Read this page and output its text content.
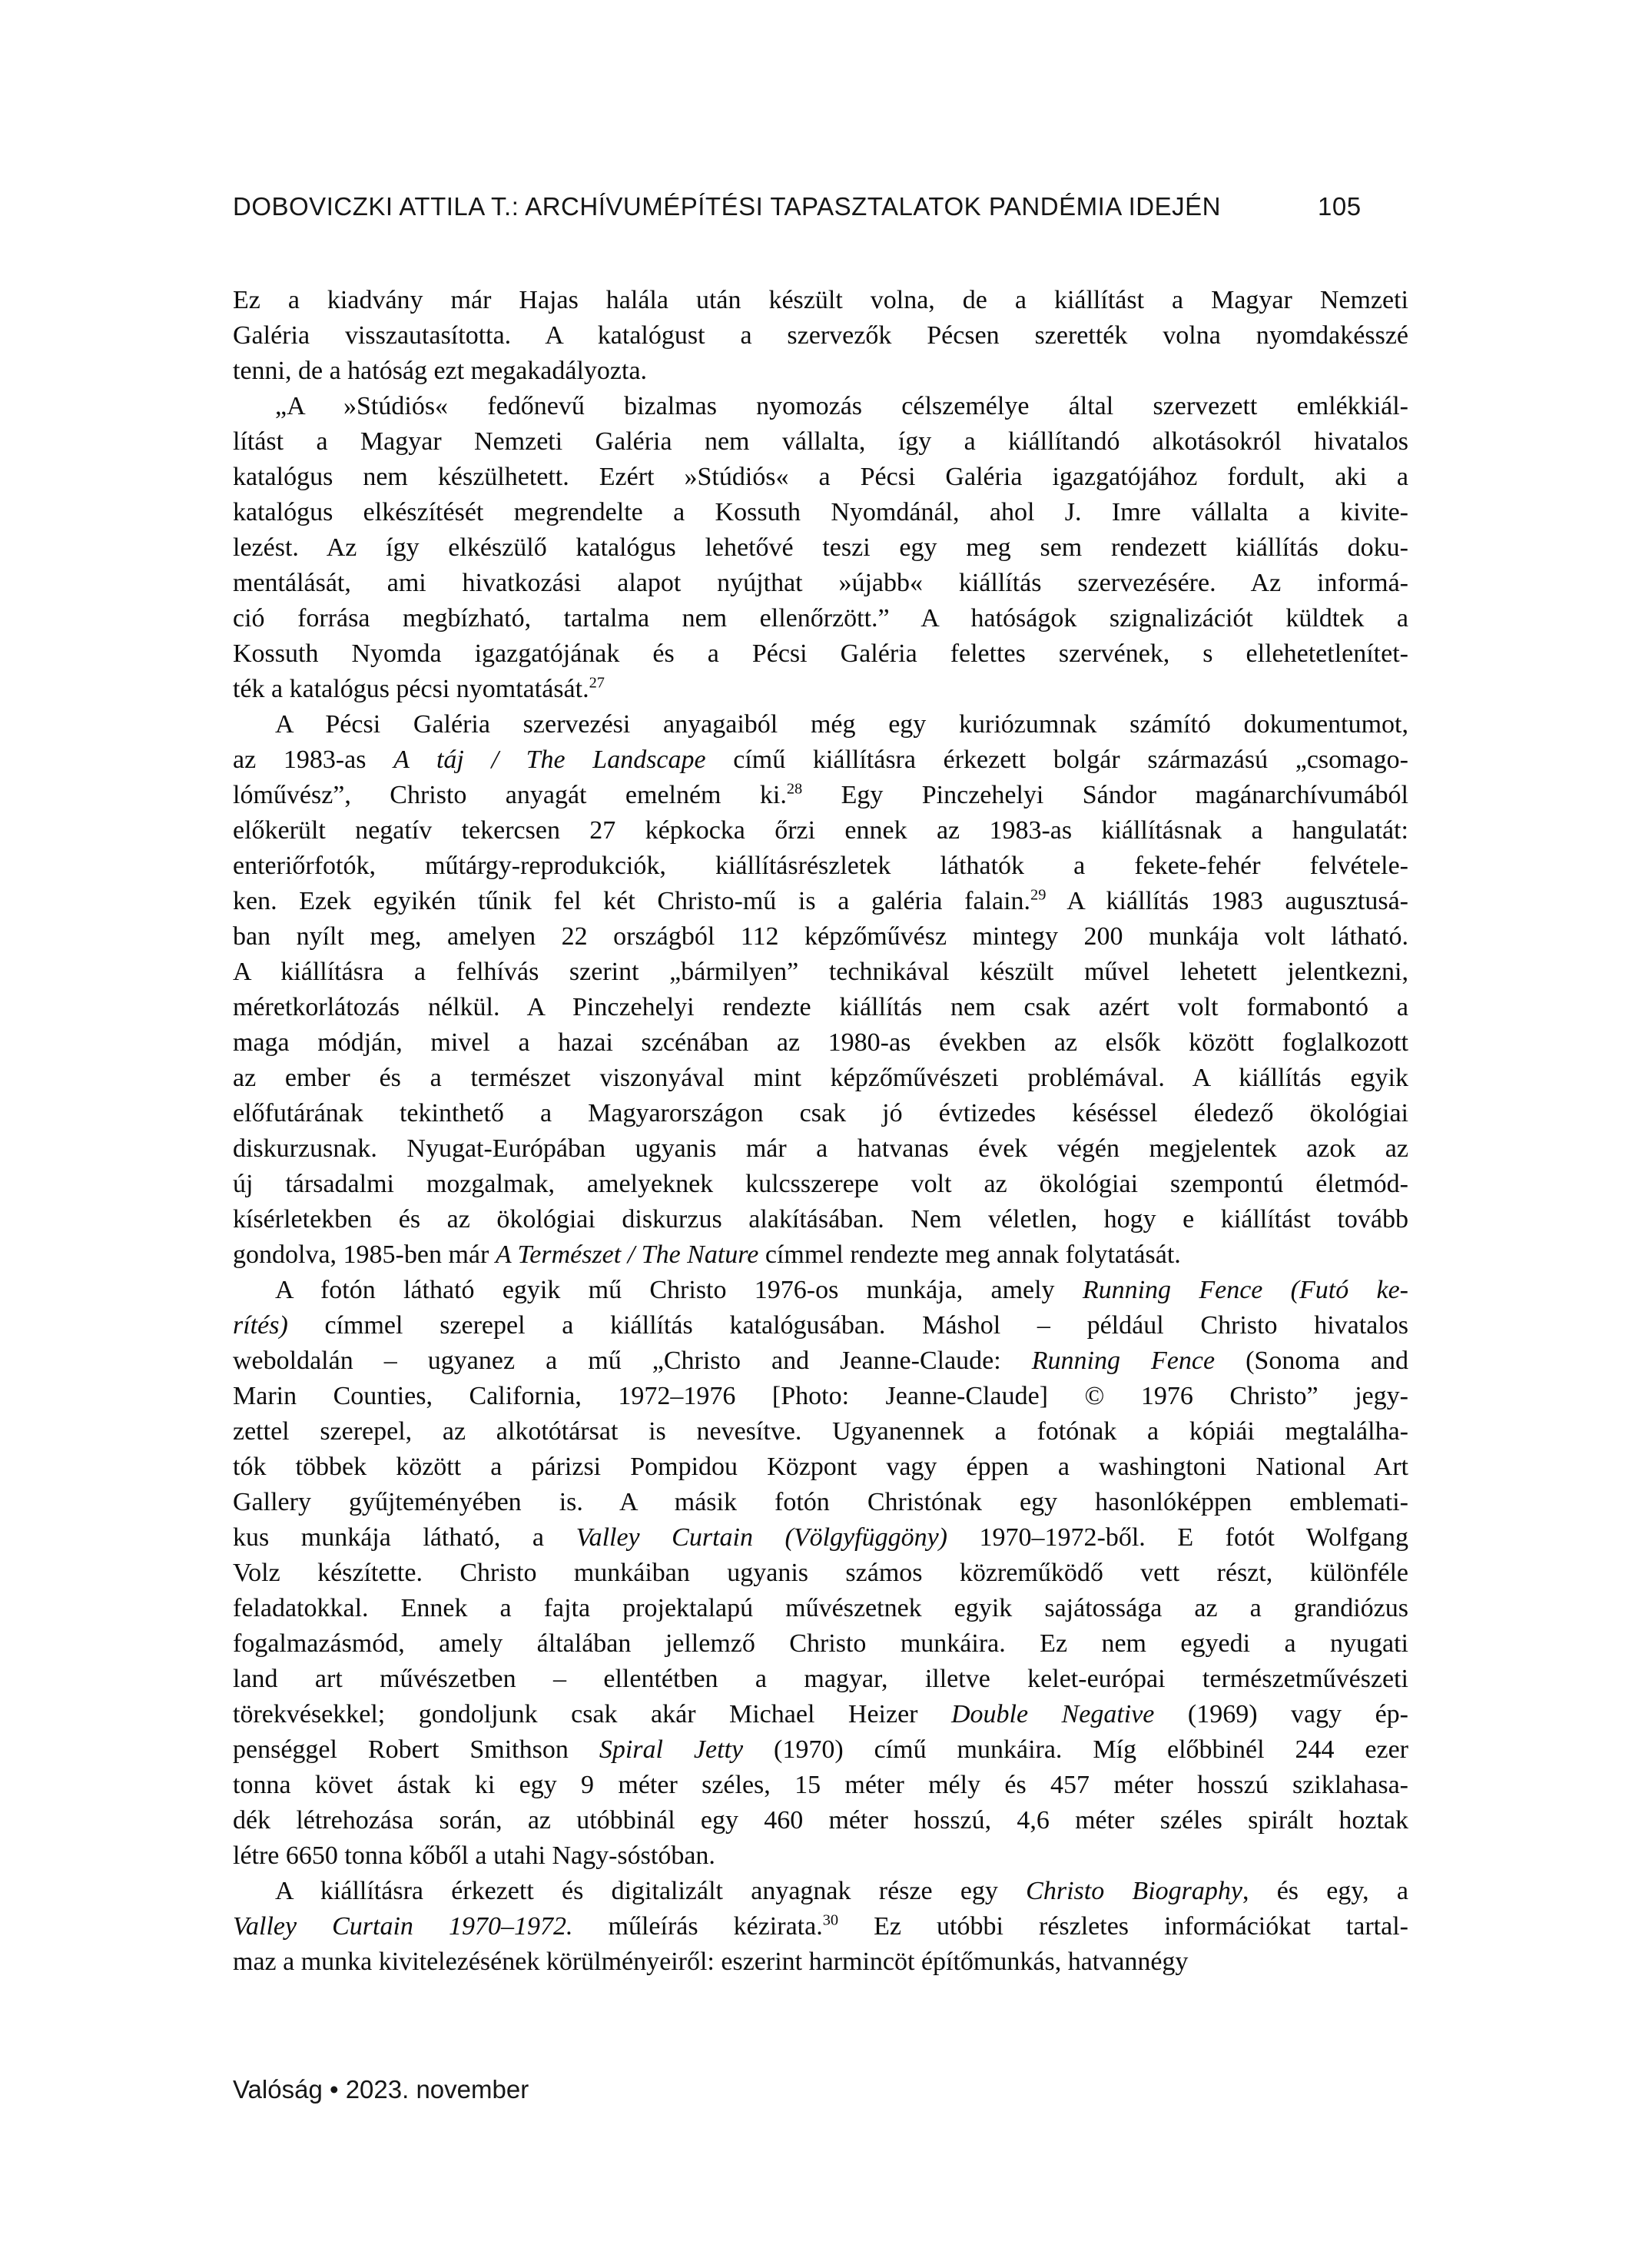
DOBOVICZKI ATTILA T.: ARCHÍVUMÉPÍTÉSI TAPASZTALATOK PANDÉMIA IDEJÉN	105
Ez a kiadvány már Hajas halála után készült volna, de a kiállítást a Magyar Nemzeti
Galéria visszautasította. A katalógust a szervezők Pécsen szerették volna nyomdakésszé
tenni, de a hatóság ezt megakadályozta.
„A »Stúdiós« fedőnevű bizalmas nyomozás célszemélye által szervezett emlékkiál-
lítást a Magyar Nemzeti Galéria nem vállalta, így a kiállítandó alkotásokról hivatalos
katalógus nem készülhetett. Ezért »Stúdiós« a Pécsi Galéria igazgatójához fordult, aki a
katalógus elkészítését megrendelte a Kossuth Nyomdánál, ahol J. Imre vállalta a kivite-
lezést. Az így elkészülő katalógus lehetővé teszi egy meg sem rendezett kiállítás doku-
mentálását, ami hivatkozási alapot nyújthat »újabb« kiállítás szervezésére. Az informá-
ció forrása megbízható, tartalma nem ellenőrzött.” A hatóságok szignalizációt küldtek a
Kossuth Nyomda igazgatójának és a Pécsi Galéria felettes szervének, s ellehetetlenítet-
ték a katalógus pécsi nyomtatását.$^{27}$
A Pécsi Galéria szervezési anyagaiból még egy kuriózumnak számító dokumentumot,
az 1983-as A táj / The Landscape című kiállításra érkezett bolgár származású „csomago-
lóművész”, Christo anyagát emelném ki.$^{28}$ Egy Pinczehelyi Sándor magánarchívumából
előkerült negatív tekercsen 27 képkocka őrzi ennek az 1983-as kiállításnak a hangulatát:
enteriőrfotók, műtárgy-reprodukciók, kiállításrészletek láthatók a fekete-fehér felvétele-
ken. Ezek egyikén tűnik fel két Christo-mű is a galéria falain.$^{29}$ A kiállítás 1983 augusztusá-
ban nyílt meg, amelyen 22 országból 112 képzőművész mintegy 200 munkája volt látható.
A kiállításra a felhívás szerint „bármilyen” technikával készült művel lehetett jelentkezni,
méretkorlátozás nélkül. A Pinczehelyi rendezte kiállítás nem csak azért volt formabontó a
maga módján, mivel a hazai szcénában az 1980-as években az elsők között foglalkozott
az ember és a természet viszonyával mint képzőművészeti problémával. A kiállítás egyik
előfutárának tekinthető a Magyarországon csak jó évtizedes késéssel éledező ökológiai
diskurzusnak. Nyugat-Európában ugyanis már a hatvanas évek végén megjelentek azok az
új társadalmi mozgalmak, amelyeknek kulcsszerepe volt az ökológiai szempontú életmód-
kísérletekben és az ökológiai diskurzus alakításában. Nem véletlen, hogy e kiállítást tovább
gondolva, 1985-ben már A Természet / The Nature címmel rendezte meg annak folytatását.
A fotón látható egyik mű Christo 1976-os munkája, amely Running Fence (Futó ke-
rítés) címmel szerepel a kiállítás katalógusában. Máshol – például Christo hivatalos
weboldalán – ugyanez a mű „Christo and Jeanne-Claude: Running Fence (Sonoma and
Marin Counties, California, 1972–1976 [Photo: Jeanne-Claude] © 1976 Christo” jegy-
zettel szerepel, az alkotótársat is nevesítve. Ugyanennek a fotónak a kópiái megtalálha-
tók többek között a párizsi Pompidou Központ vagy éppen a washingtoni National Art
Gallery gyűjteményében is. A másik fotón Christónak egy hasonlóképpen emblemati-
kus munkája látható, a Valley Curtain (Völgyfüggöny) 1970–1972-ből. E fotót Wolfgang
Volz készítette. Christo munkáiban ugyanis számos közreműködő vett részt, különféle
feladatokkal. Ennek a fajta projektalapú művészetnek egyik sajátossága az a grandiózus
fogalmazásmód, amely általában jellemző Christo munkáira. Ez nem egyedi a nyugati
land art művészetben – ellentétben a magyar, illetve kelet-európai természetművészeti
törekvésekkel; gondoljunk csak akár Michael Heizer Double Negative (1969) vagy ép-
penséggel Robert Smithson Spiral Jetty (1970) című munkáira. Míg előbbinél 244 ezer
tonna követ ástak ki egy 9 méter széles, 15 méter mély és 457 méter hosszú sziklahasa-
dék létrehozása során, az utóbbinál egy 460 méter hosszú, 4,6 méter széles spirált hoztak
létre 6650 tonna kőből a utahi Nagy-sóstóban.
A kiállításra érkezett és digitalizált anyagnak része egy Christo Biography, és egy, a
Valley Curtain 1970–1972. műleírás kézirata.$^{30}$ Ez utóbbi részletes információkat tartal-
maz a munka kivitelezésének körülményeiről: eszerint harmincöt építőmunkás, hatvannégy
Valóság • 2023. november
